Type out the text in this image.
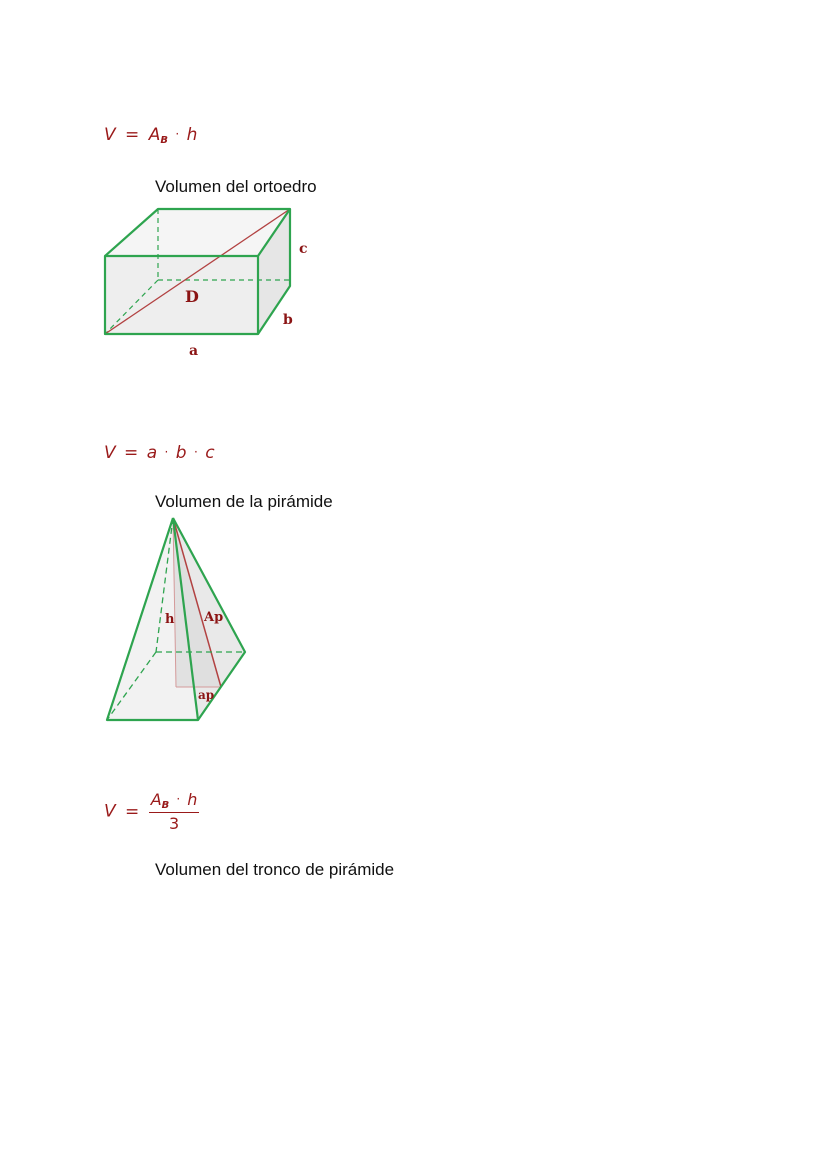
$V = A_B \cdot h$
Volumen del ortoedro
D
a
b
c
V = a · b · c
Volumen de la pirámide
h Ap
ap
$V = \frac{A_B \cdot h}{3}$
Volumen del tronco de pirámide
